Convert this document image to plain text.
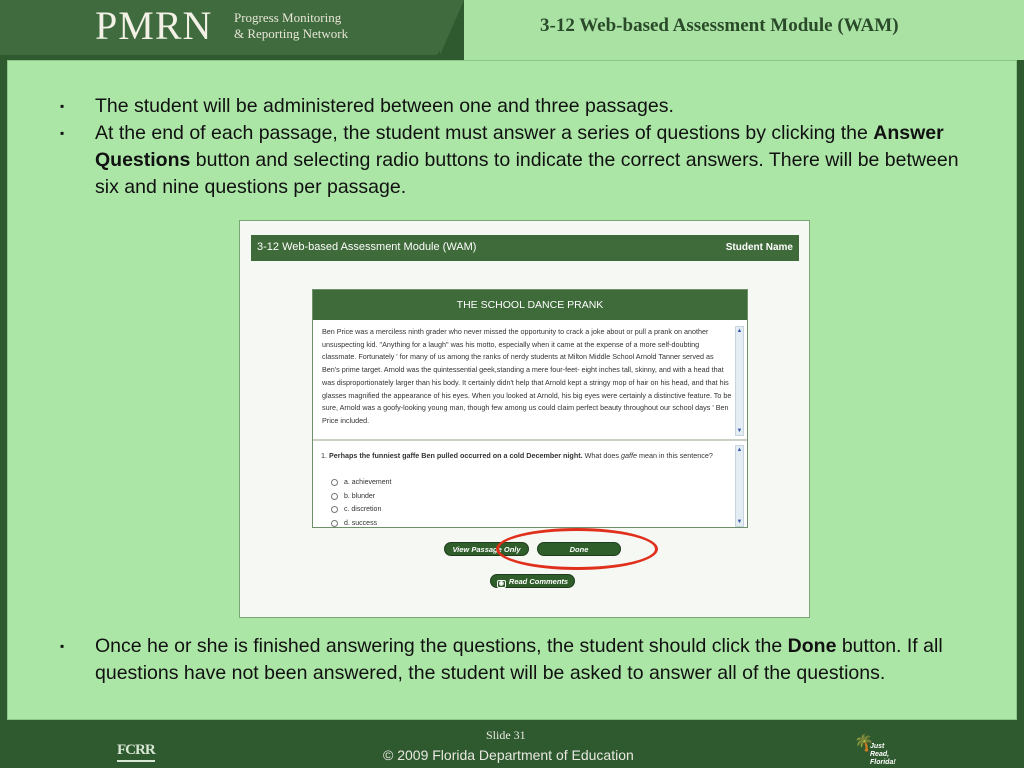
PMRN Progress Monitoring
& Reporting Network	3-12 Web-based Assessment Module (WAM)
▪ The student will be administered between one and three passages.
▪ At the end of each passage, the student must answer a series of questions by clicking the Answer Questions button and selecting radio buttons to indicate the correct answers. There will be between six and nine questions per passage.
3-12 Web-based Assessment Module (WAM)	Student Name
THE SCHOOL DANCE PRANK
Ben Price was a merciless ninth grader who never missed the opportunity to crack a joke about or pull a prank on another unsuspecting kid. "Anything for a laugh" was his motto, especially when it came at the expense of a more self-doubting classmate. Fortunately ' for many of us among the ranks of nerdy students at Milton Middle School Arnold Tanner served as Ben's prime target. Arnold was the quintessential geek,standing a mere four-feet- eight inches tall, skinny, and with a head that was disproportionately larger than his body. It certainly didn't help that Arnold kept a stringy mop of hair on his head, and that his glasses magnified the appearance of his eyes. When you looked at Arnold, his big eyes were certainly a distinctive feature. To be sure, Arnold was a goofy-looking young man, though few among us could claim perfect beauty throughout our school days ' Ben Price included.
▲
▼
1. Perhaps the funniest gaffe Ben pulled occurred on a cold December night. What does gaffe mean in this sentence?
a. achievement
b. blunder
c. discretion
d. success
▲
▼
View Passage Only	Done
◉ Read Comments
▪ Once he or she is finished answering the questions, the student should click the Done button. If all questions have not been answered, the student will be asked to answer all of the questions.
FCRR
Slide 31
© 2009 Florida Department of Education
🌴
Just Read,
Florida!
